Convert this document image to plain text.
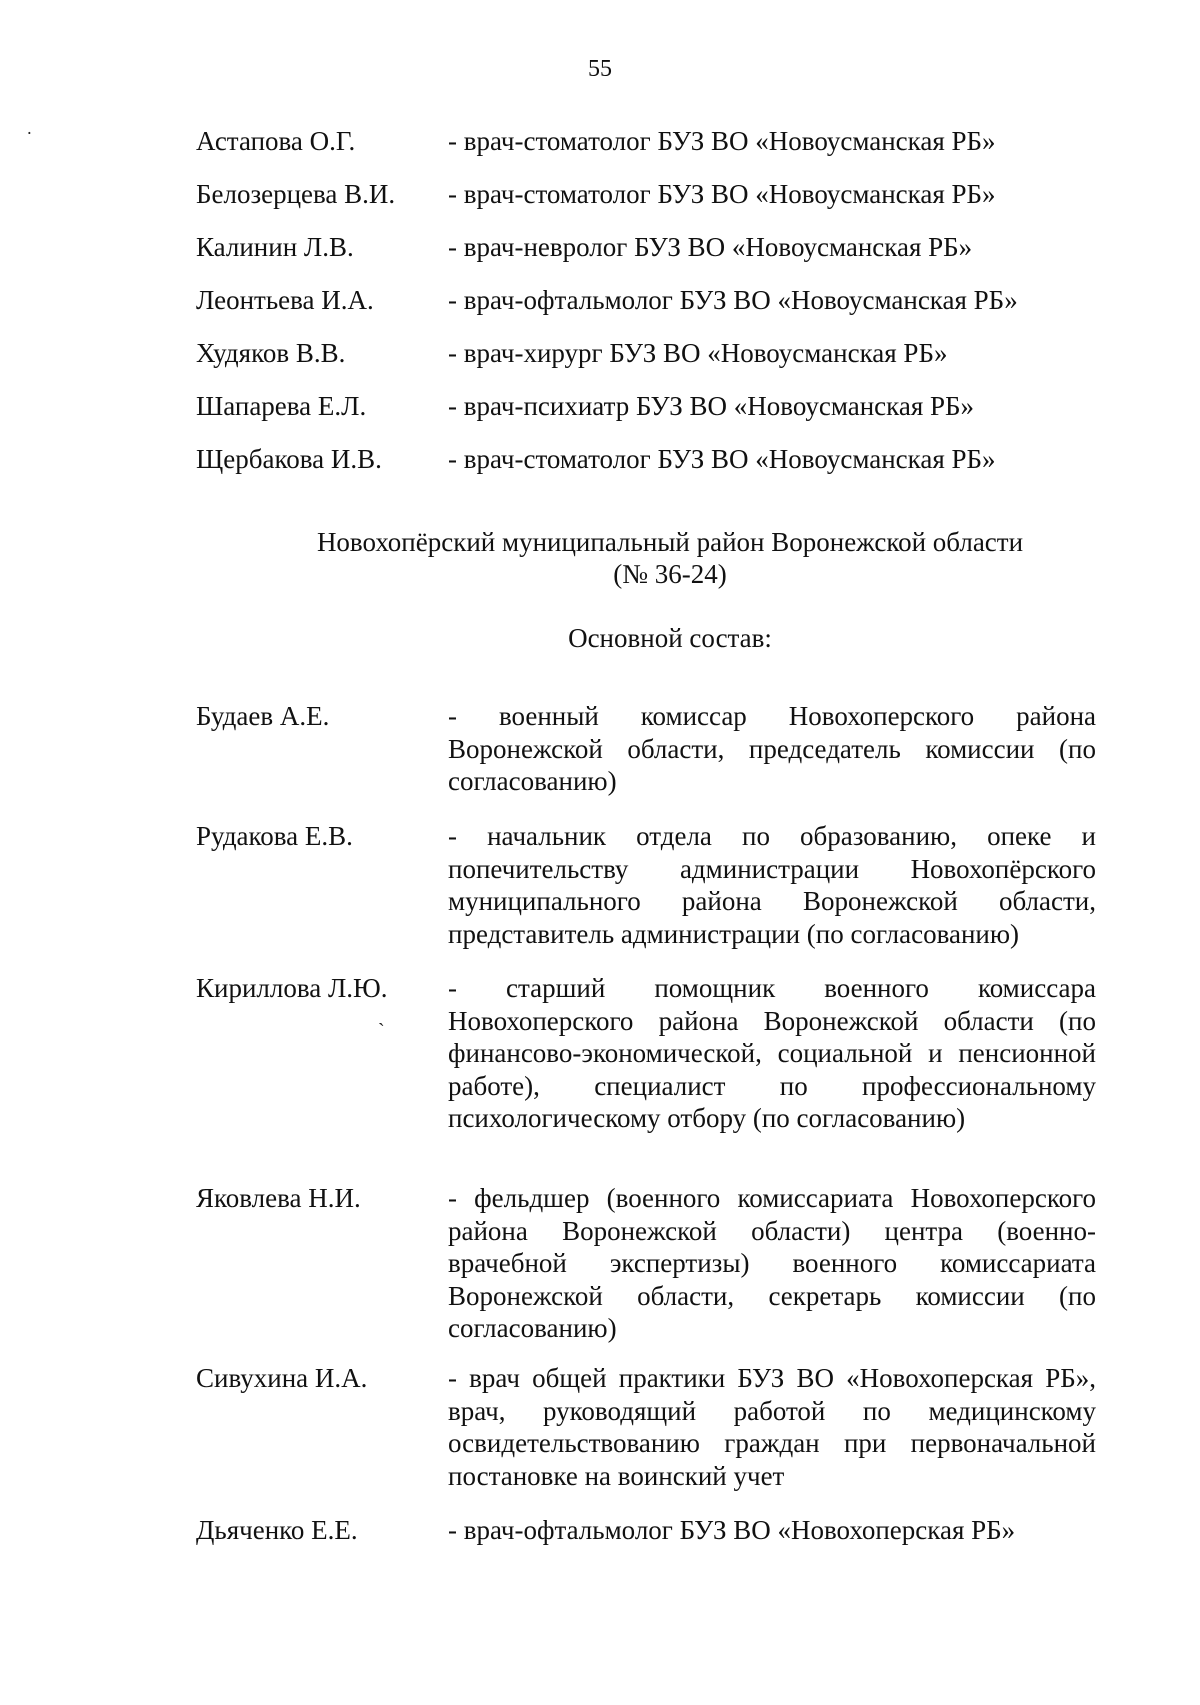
55
˙	Астапова О.Г.	- врач-стоматолог БУЗ ВО «Новоусманская РБ»
Белозерцева В.И. - врач-стоматолог БУЗ ВО «Новоусманская РБ»
Калинин Л.В.	- врач-невролог БУЗ ВО «Новоусманская РБ»
Леонтьева И.А.	- врач-офтальмолог БУЗ ВО «Новоусманская РБ»
Худяков В.В.	- врач-хирург БУЗ ВО «Новоусманская РБ»
Шапарева Е.Л.	- врач-психиатр БУЗ ВО «Новоусманская РБ»
Щербакова И.В. - врач-стоматолог БУЗ ВО «Новоусманская РБ»
Новохопёрский муниципальный район Воронежской области
(№ 36-24)
Основной состав:
Будаев А.Е.	- военный комиссар Новохоперского района Воронежской области, председатель комиссии (по согласованию)
Рудакова Е.В.	- начальник отдела по образованию, опеке и попечительству администрации Новохопёрского муниципального района Воронежской области, представитель администрации (по согласованию)
Кириллова Л.Ю. - старший помощник военного комиссара Новохоперского района Воронежской области (по финансово-экономической, социальной и пенсионной работе), специалист по профессиональному психологическому отбору (по согласованию)
`
Яковлева Н.И.	- фельдшер (военного комиссариата Новохоперского района Воронежской области) центра (военно-врачебной экспертизы) военного комиссариата Воронежской области, секретарь комиссии (по согласованию)
Сивухина И.А.	- врач общей практики БУЗ ВО «Новохоперская РБ», врач, руководящий работой по медицинскому освидетельствованию граждан при первоначальной постановке на воинский учет
Дьяченко Е.Е.	- врач-офтальмолог БУЗ ВО «Новохоперская РБ»
